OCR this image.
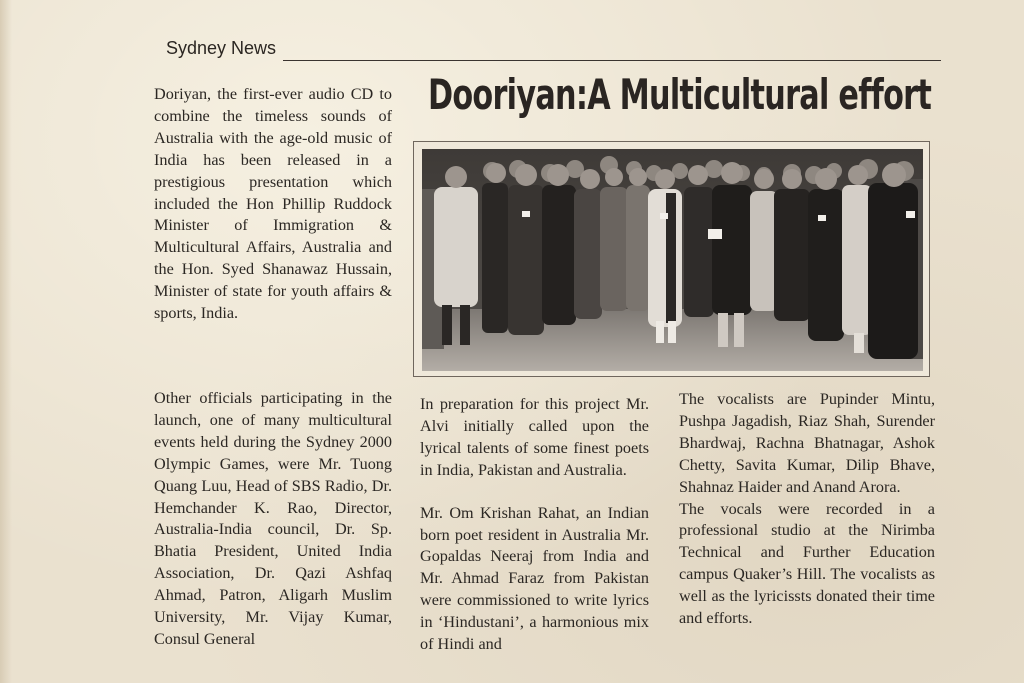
Sydney News
Dooriyan:A Multicultural effort

Doriyan, the first-ever audio CD to combine the timeless sounds of Australia with the age-old music of India has been released in a prestigious presentation which included the Hon Phillip Ruddock Minister of Immigration & Multicultural Affairs, Australia and the Hon. Syed Shanawaz Hussain, Minister of state for youth affairs & sports, India.

Other officials participating in the launch, one of many multicultural events held during the Sydney 2000 Olympic Games, were Mr. Tuong Quang Luu, Head of SBS Radio, Dr. Hemchander K. Rao, Director, Australia-India council, Dr. Sp. Bhatia President, United India Association, Dr. Qazi Ashfaq Ahmad, Patron, Aligarh Muslim University, Mr. Vijay Kumar, Consul General

In preparation for this project Mr. Alvi initially called upon the lyrical talents of some finest poets in India, Pakistan and Australia.

Mr. Om Krishan Rahat, an Indian born poet resident in Australia Mr. Gopaldas Neeraj from India and Mr. Ahmad Faraz from Pakistan were commissioned to write lyrics in ‘Hindustani’, a harmonious mix of Hindi and

The vocalists are Pupinder Mintu, Pushpa Jagadish, Riaz Shah, Surender Bhardwaj, Rachna Bhatnagar, Ashok Chetty, Savita Kumar, Dilip Bhave, Shahnaz Haider and Anand Arora.

The vocals were recorded in a professional studio at the Nirimba Technical and Further Education campus Quaker’s Hill. The vocalists as well as the lyricissts donated their time and efforts.
